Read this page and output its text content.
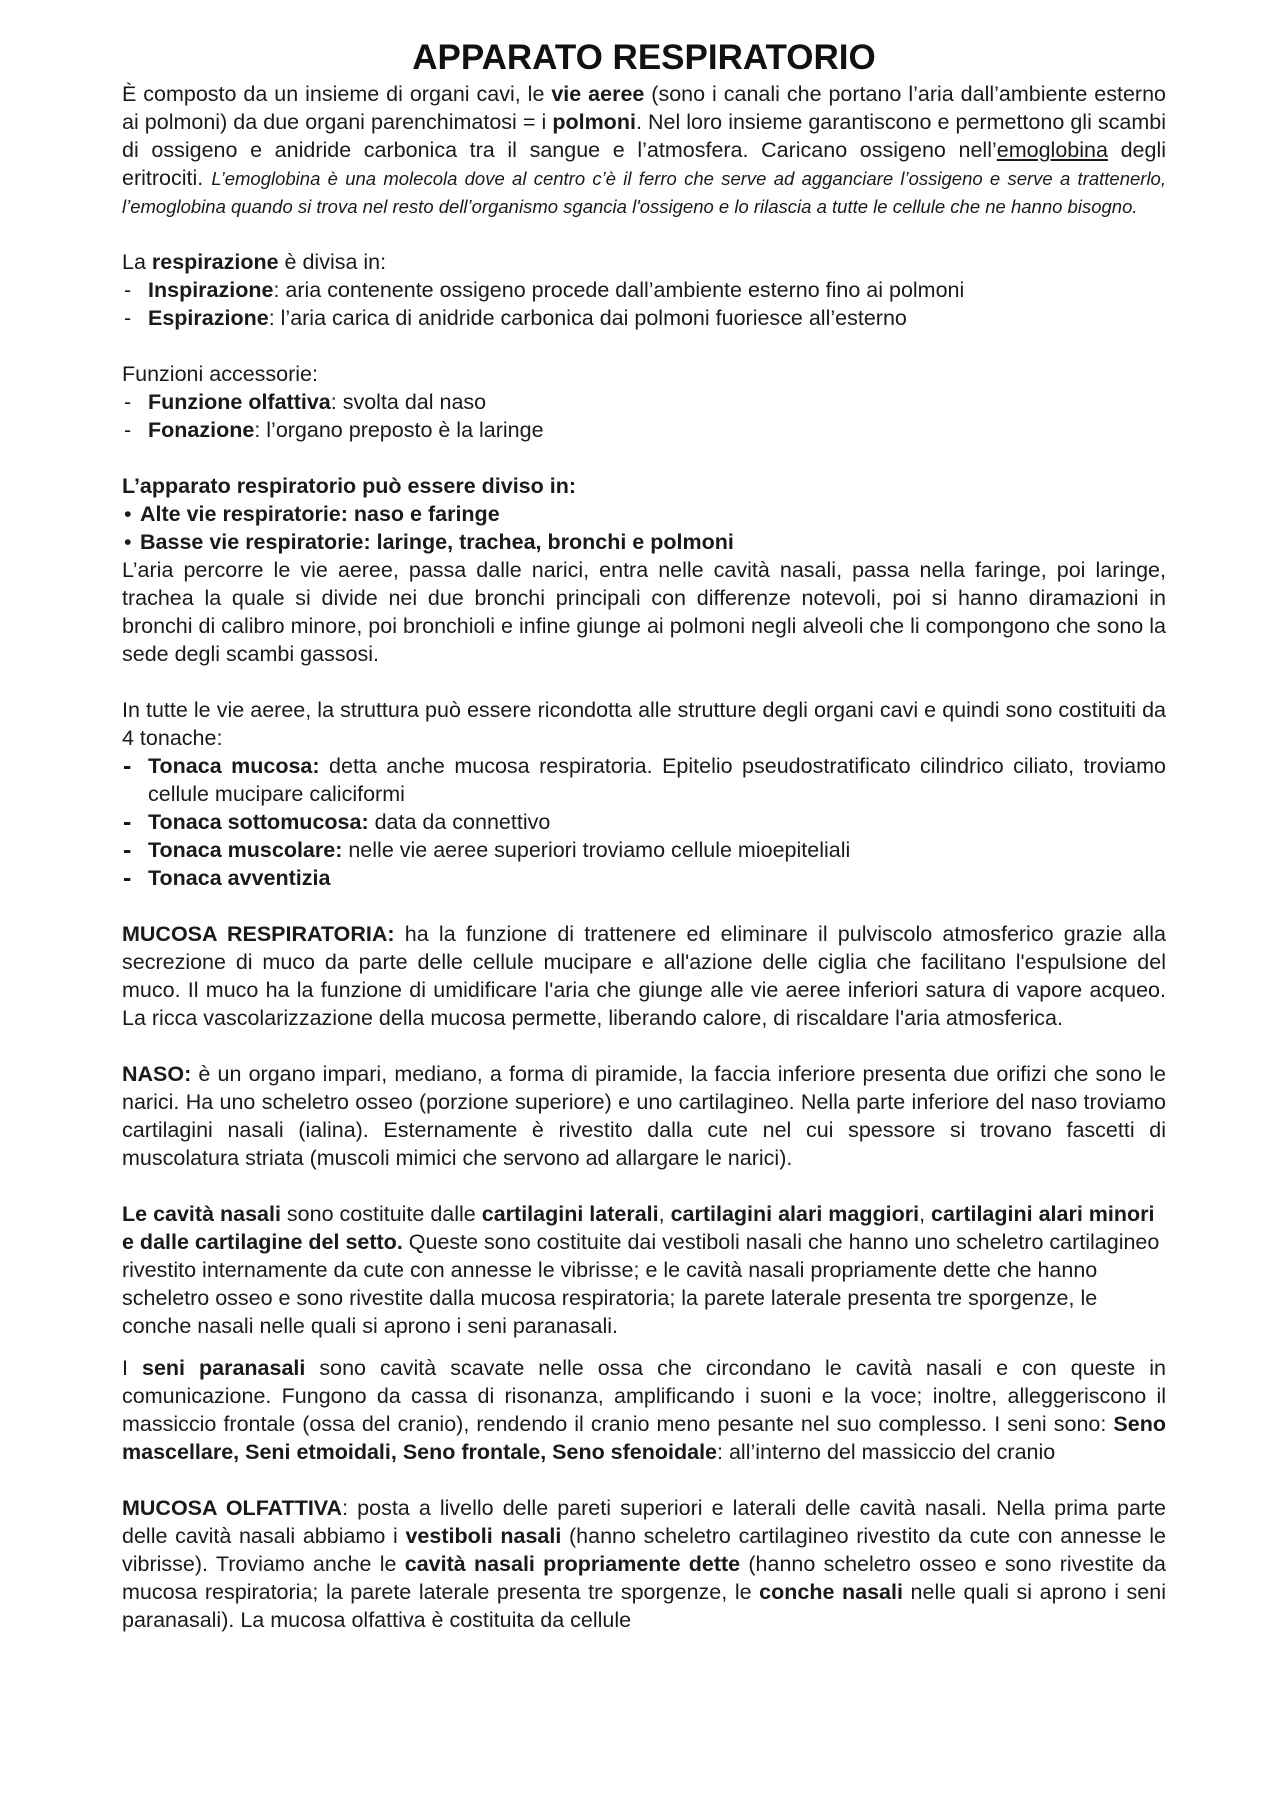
APPARATO RESPIRATORIO

È composto da un insieme di organi cavi, le vie aeree (sono i canali che portano l’aria dall’ambiente esterno ai polmoni) da due organi parenchimatosi = i polmoni. Nel loro insieme garantiscono e permettono gli scambi di ossigeno e anidride carbonica tra il sangue e l’atmosfera. Caricano ossigeno nell’emoglobina degli eritrociti. L’emoglobina è una molecola dove al centro c’è il ferro che serve ad agganciare l’ossigeno e serve a trattenerlo, l’emoglobina quando si trova nel resto dell’organismo sgancia l'ossigeno e lo rilascia a tutte le cellule che ne hanno bisogno.

La respirazione è divisa in:

- Inspirazione: aria contenente ossigeno procede dall’ambiente esterno fino ai polmoni
- Espirazione: l’aria carica di anidride carbonica dai polmoni fuoriesce all’esterno

Funzioni accessorie:

- Funzione olfattiva: svolta dal naso
- Fonazione: l’organo preposto è la laringe

L’apparato respiratorio può essere diviso in:

• Alte vie respiratorie: naso e faringe
• Basse vie respiratorie: laringe, trachea, bronchi e polmoni

L’aria percorre le vie aeree, passa dalle narici, entra nelle cavità nasali, passa nella faringe, poi laringe, trachea la quale si divide nei due bronchi principali con differenze notevoli, poi si hanno diramazioni in bronchi di calibro minore, poi bronchioli e infine giunge ai polmoni negli alveoli che li compongono che sono la sede degli scambi gassosi.

In tutte le vie aeree, la struttura può essere ricondotta alle strutture degli organi cavi e quindi sono costituiti da 4 tonache:

- Tonaca mucosa: detta anche mucosa respiratoria. Epitelio pseudostratificato cilindrico ciliato, troviamo cellule mucipare caliciformi
- Tonaca sottomucosa: data da connettivo
- Tonaca muscolare: nelle vie aeree superiori troviamo cellule mioepiteliali
- Tonaca avventizia

MUCOSA RESPIRATORIA: ha la funzione di trattenere ed eliminare il pulviscolo atmosferico grazie alla secrezione di muco da parte delle cellule mucipare e all'azione delle ciglia che facilitano l'espulsione del muco. Il muco ha la funzione di umidificare l'aria che giunge alle vie aeree inferiori satura di vapore acqueo. La ricca vascolarizzazione della mucosa permette, liberando calore, di riscaldare l'aria atmosferica.

NASO: è un organo impari, mediano, a forma di piramide, la faccia inferiore presenta due orifizi che sono le narici. Ha uno scheletro osseo (porzione superiore) e uno cartilagineo. Nella parte inferiore del naso troviamo cartilagini nasali (ialina). Esternamente è rivestito dalla cute nel cui spessore si trovano fascetti di muscolatura striata (muscoli mimici che servono ad allargare le narici).

Le cavità nasali sono costituite dalle cartilagini laterali, cartilagini alari maggiori, cartilagini alari minori e dalle cartilagine del setto. Queste sono costituite dai vestiboli nasali che hanno uno scheletro cartilagineo rivestito internamente da cute con annesse le vibrisse; e le cavità nasali propriamente dette che hanno scheletro osseo e sono rivestite dalla mucosa respiratoria; la parete laterale presenta tre sporgenze, le conche nasali nelle quali si aprono i seni paranasali.

I seni paranasali sono cavità scavate nelle ossa che circondano le cavità nasali e con queste in comunicazione. Fungono da cassa di risonanza, amplificando i suoni e la voce; inoltre, alleggeriscono il massiccio frontale (ossa del cranio), rendendo il cranio meno pesante nel suo complesso. I seni sono: Seno mascellare, Seni etmoidali, Seno frontale, Seno sfenoidale: all’interno del massiccio del cranio

MUCOSA OLFATTIVA: posta a livello delle pareti superiori e laterali delle cavità nasali. Nella prima parte delle cavità nasali abbiamo i vestiboli nasali (hanno scheletro cartilagineo rivestito da cute con annesse le vibrisse). Troviamo anche le cavità nasali propriamente dette (hanno scheletro osseo e sono rivestite da mucosa respiratoria; la parete laterale presenta tre sporgenze, le conche nasali nelle quali si aprono i seni paranasali). La mucosa olfattiva è costituita da cellule
